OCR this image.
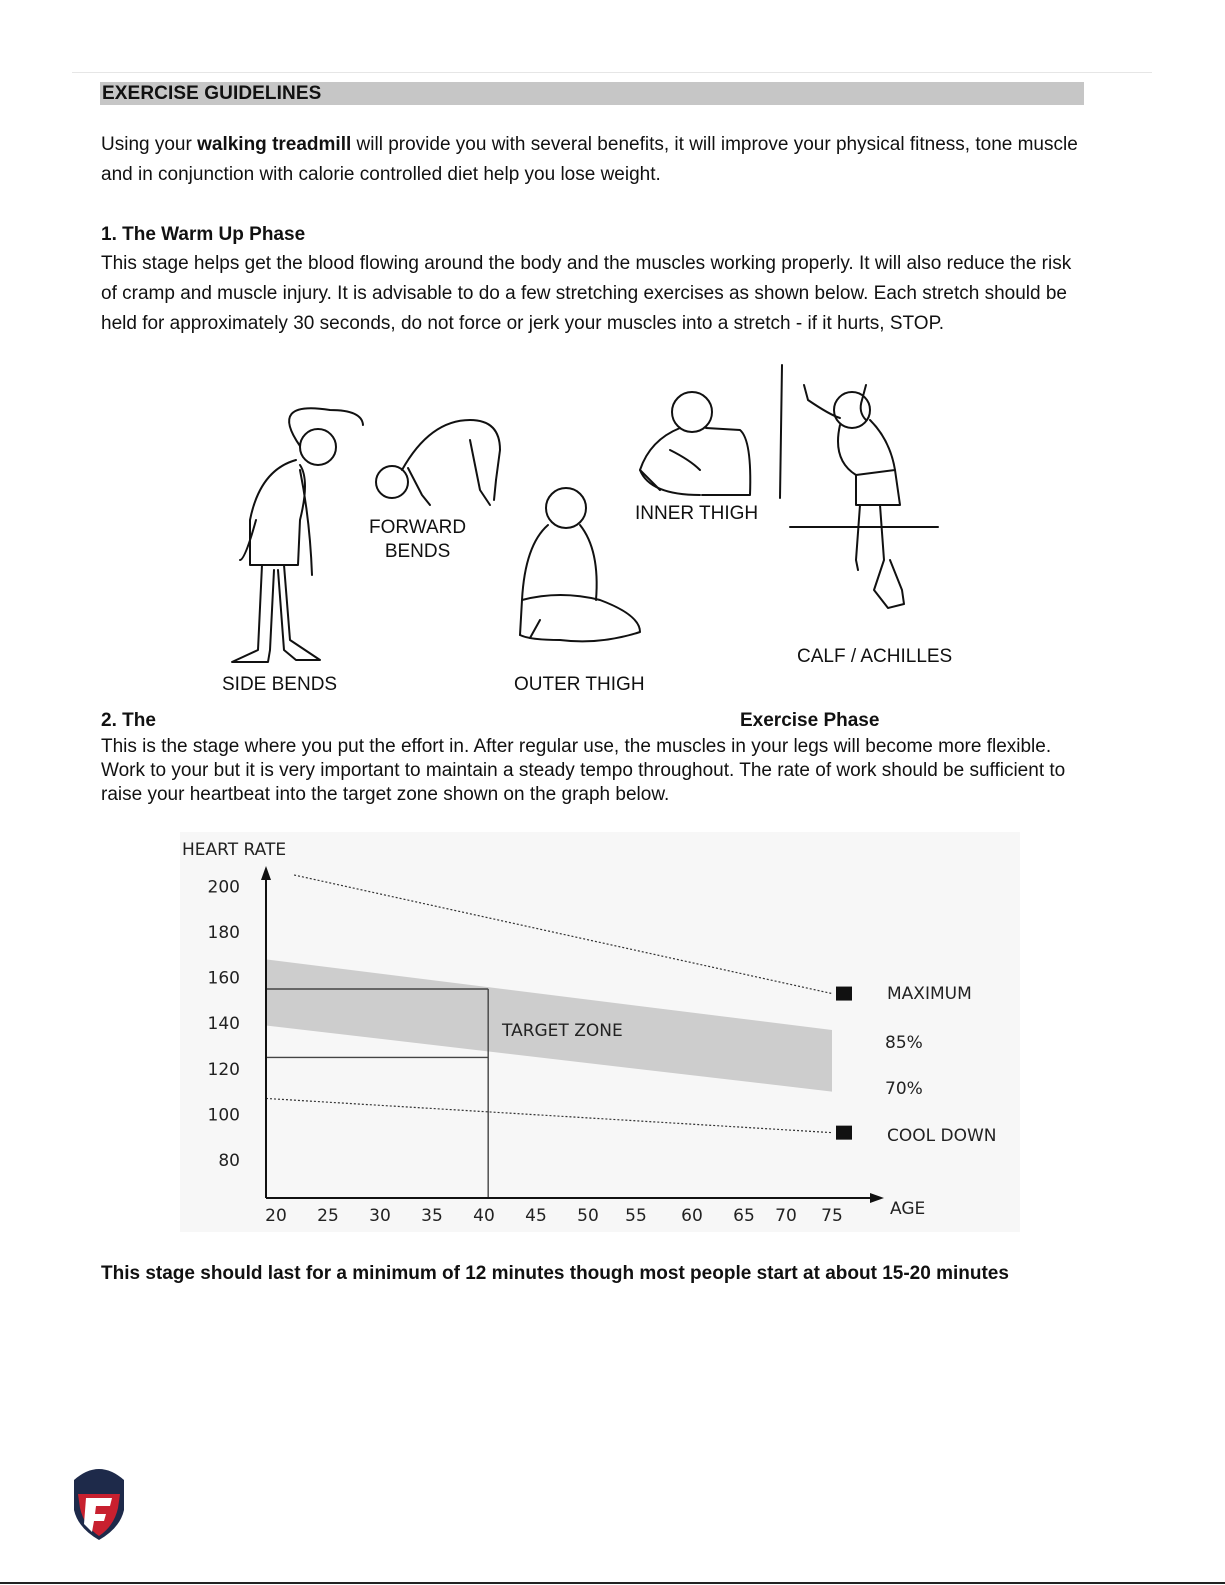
EXERCISE GUIDELINES
Using your walking treadmill will provide you with several benefits, it will improve your physical fitness, tone muscle and in conjunction with calorie controlled diet help you lose weight.
1. The Warm Up Phase
This stage helps get the blood flowing around the body and the muscles working properly. It will also reduce the risk of cramp and muscle injury. It is advisable to do a few stretching exercises as shown below. Each stretch should be held for approximately 30 seconds, do not force or jerk your muscles into a stretch - if it hurts, STOP.
SIDE BENDS
FORWARD
BENDS
OUTER THIGH
INNER THIGH
CALF / ACHILLES
2. The	Exercise Phase
This is the stage where you put the effort in. After regular use, the muscles in your legs will become more flexible. Work to your but it is very important to maintain a steady tempo throughout. The rate of work should be sufficient to raise your heartbeat into the target zone shown on the graph below.
80
100
120
140
160
180
200
20 25 30 35 40 45 50 55 60 65 70 75
HEART RATE
AGE
MAXIMUM
85%
70%
COOL DOWN
TARGET ZONE
This stage should last for a minimum of 12 minutes though most people start at about 15-20 minutes
